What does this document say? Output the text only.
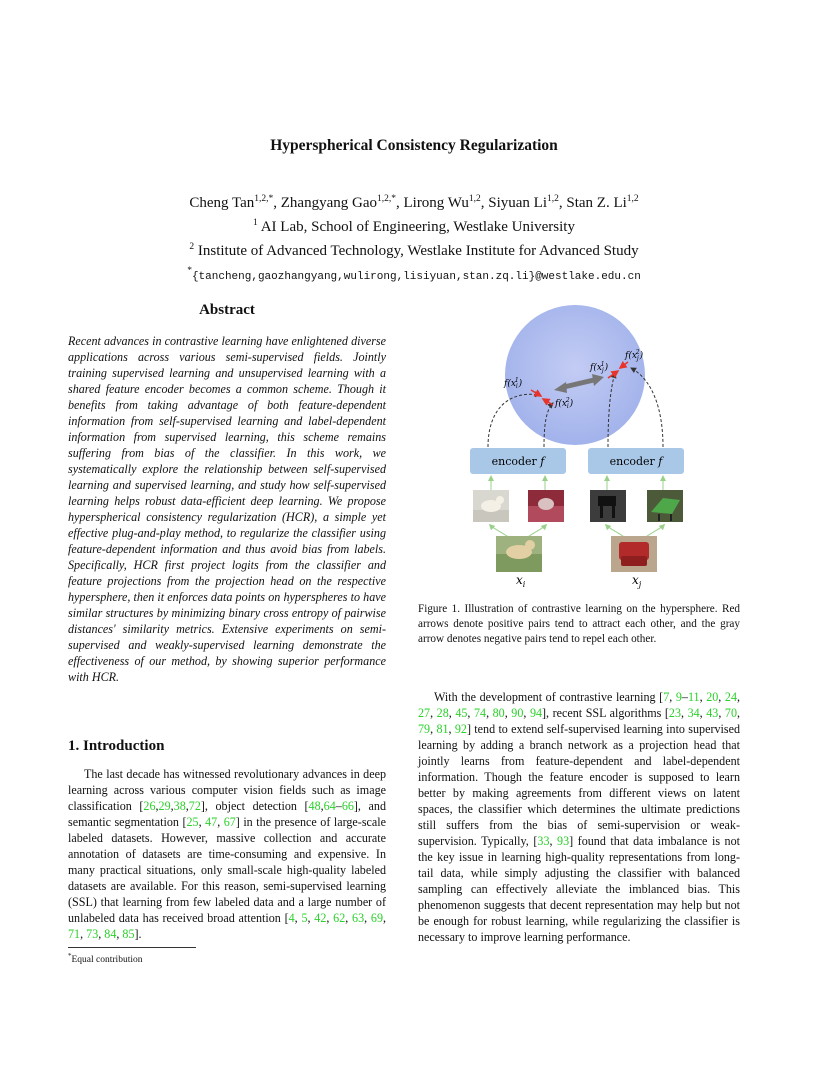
Hyperspherical Consistency Regularization
Cheng Tan$^{1,2,*}$, Zhangyang Gao$^{1,2,*}$, Lirong Wu$^{1,2}$, Siyuan Li$^{1,2}$, Stan Z. Li$^{1,2}$
$^1$ AI Lab, School of Engineering, Westlake University
$^2$ Institute of Advanced Technology, Westlake Institute for Advanced Study
*{tancheng,gaozhangyang,wulirong,lisiyuan,stan.zq.li}@westlake.edu.cn
Abstract
Recent advances in contrastive learning have enlightened diverse applications across various semi-supervised fields. Jointly training supervised learning and unsupervised learning with a shared feature encoder becomes a common scheme. Though it benefits from taking advantage of both feature-dependent information from self-supervised learning and label-dependent information from supervised learning, this scheme remains suffering from bias of the classifier. In this work, we systematically explore the relationship between self-supervised learning and supervised learning, and study how self-supervised learning helps robust data-efficient deep learning. We propose hyperspherical consistency regularization (HCR), a simple yet effective plug-and-play method, to regularize the classifier using feature-dependent information and thus avoid bias from labels. Specifically, HCR first project logits from the classifier and feature projections from the projection head on the respective hypersphere, then it enforces data points on hyperspheres to have similar structures by minimizing binary cross entropy of pairwise distances' similarity metrics. Extensive experiments on semi-supervised and weakly-supervised learning demonstrate the effectiveness of our method, by showing superior performance with HCR.
1. Introduction

The last decade has witnessed revolutionary advances in deep learning across various computer vision fields such as image classification [26,29,38,72], object detection [48,64–66], and semantic segmentation [25, 47, 67] in the presence of large-scale labeled datasets. However, massive collection and accurate annotation of datasets are time-consuming and expensive. In many practical situations, only small-scale high-quality labeled datasets are available. For this reason, semi-supervised learning (SSL) that learning from few labeled data and a large number of unlabeled data has received broad attention [4, 5, 42, 62, 63, 69, 71, 73, 84, 85].

*Equal contribution
$f(x_i1)$
$f(x_i2)$
$f(x_j1)$
$f(x_j2)$
encoder f	encoder f
$x_i$	$x_j$
Figure 1. Illustration of contrastive learning on the hypersphere. Red arrows denote positive pairs tend to attract each other, and the gray arrow denotes negative pairs tend to repel each other.

With the development of contrastive learning [7, 9–11, 20, 24, 27, 28, 45, 74, 80, 90, 94], recent SSL algorithms [23, 34, 43, 70, 79, 81, 92] tend to extend self-supervised learning into supervised learning by adding a branch network as a projection head that jointly learns from feature-dependent and label-dependent information. Though the feature encoder is supposed to learn better by making agreements from different views on latent spaces, the classifier which determines the ultimate predictions still suffers from the bias of semi-supervision or weak-supervision. Typically, [33, 93] found that data imbalance is not the key issue in learning high-quality representations from long-tail data, while simply adjusting the classifier with balanced sampling can effectively alleviate the imblanced bias. This phenomenon suggests that decent representation may help but not be enough for robust learning, while regularizing the classifier is necessary to improve learning performance.
